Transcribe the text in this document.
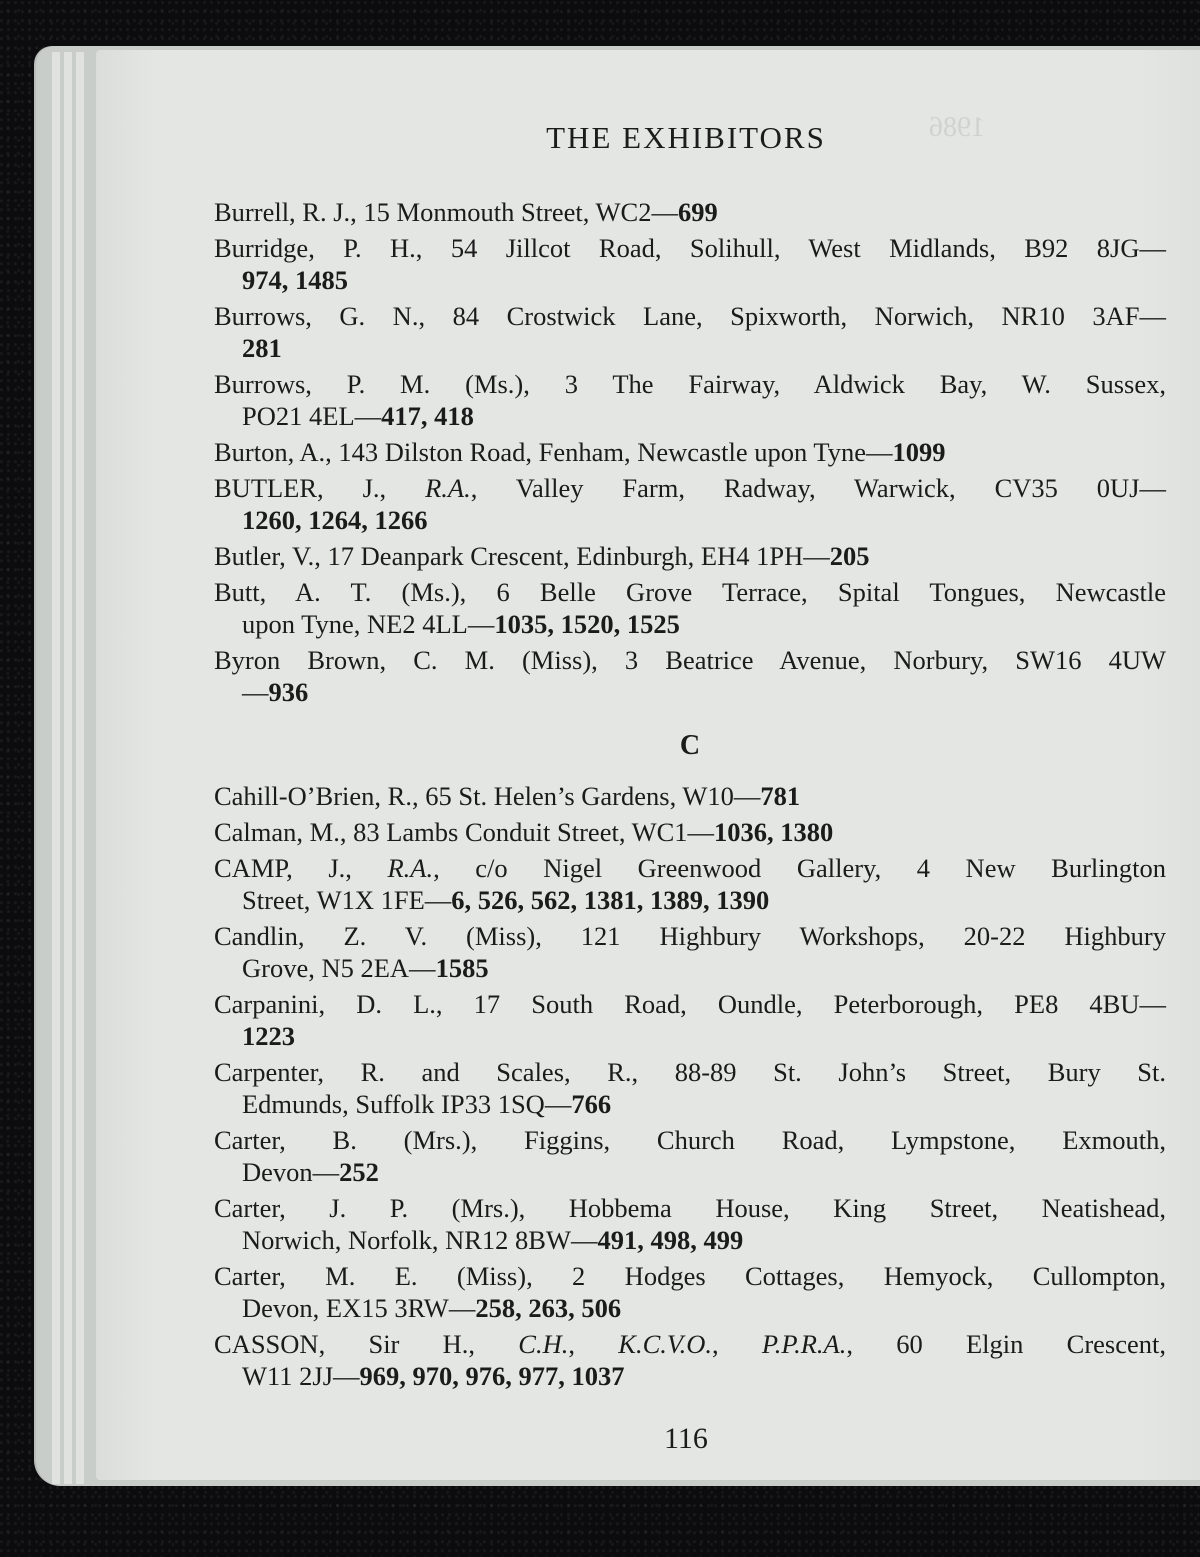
1986
THE EXHIBITORS
Burrell, R. J., 15 Monmouth Street, WC2—699
Burridge, P. H., 54 Jillcot Road, Solihull, West Midlands, B92 8JG—
974, 1485
Burrows, G. N., 84 Crostwick Lane, Spixworth, Norwich, NR10 3AF—
281
Burrows, P. M. (Ms.), 3 The Fairway, Aldwick Bay, W. Sussex,
PO21 4EL—417, 418
Burton, A., 143 Dilston Road, Fenham, Newcastle upon Tyne—1099
BUTLER, J., R.A., Valley Farm, Radway, Warwick, CV35 0UJ—
1260, 1264, 1266
Butler, V., 17 Deanpark Crescent, Edinburgh, EH4 1PH—205
Butt, A. T. (Ms.), 6 Belle Grove Terrace, Spital Tongues, Newcastle
upon Tyne, NE2 4LL—1035, 1520, 1525
Byron Brown, C. M. (Miss), 3 Beatrice Avenue, Norbury, SW16 4UW
—936
C
Cahill-O’Brien, R., 65 St. Helen’s Gardens, W10—781
Calman, M., 83 Lambs Conduit Street, WC1—1036, 1380
CAMP, J., R.A., c/o Nigel Greenwood Gallery, 4 New Burlington
Street, W1X 1FE—6, 526, 562, 1381, 1389, 1390
Candlin, Z. V. (Miss), 121 Highbury Workshops, 20-22 Highbury
Grove, N5 2EA—1585
Carpanini, D. L., 17 South Road, Oundle, Peterborough, PE8 4BU—
1223
Carpenter, R. and Scales, R., 88-89 St. John’s Street, Bury St.
Edmunds, Suffolk IP33 1SQ—766
Carter, B. (Mrs.), Figgins, Church Road, Lympstone, Exmouth,
Devon—252
Carter, J. P. (Mrs.), Hobbema House, King Street, Neatishead,
Norwich, Norfolk, NR12 8BW—491, 498, 499
Carter, M. E. (Miss), 2 Hodges Cottages, Hemyock, Cullompton,
Devon, EX15 3RW—258, 263, 506
CASSON, Sir H., C.H., K.C.V.O., P.P.R.A., 60 Elgin Crescent,
W11 2JJ—969, 970, 976, 977, 1037
116
